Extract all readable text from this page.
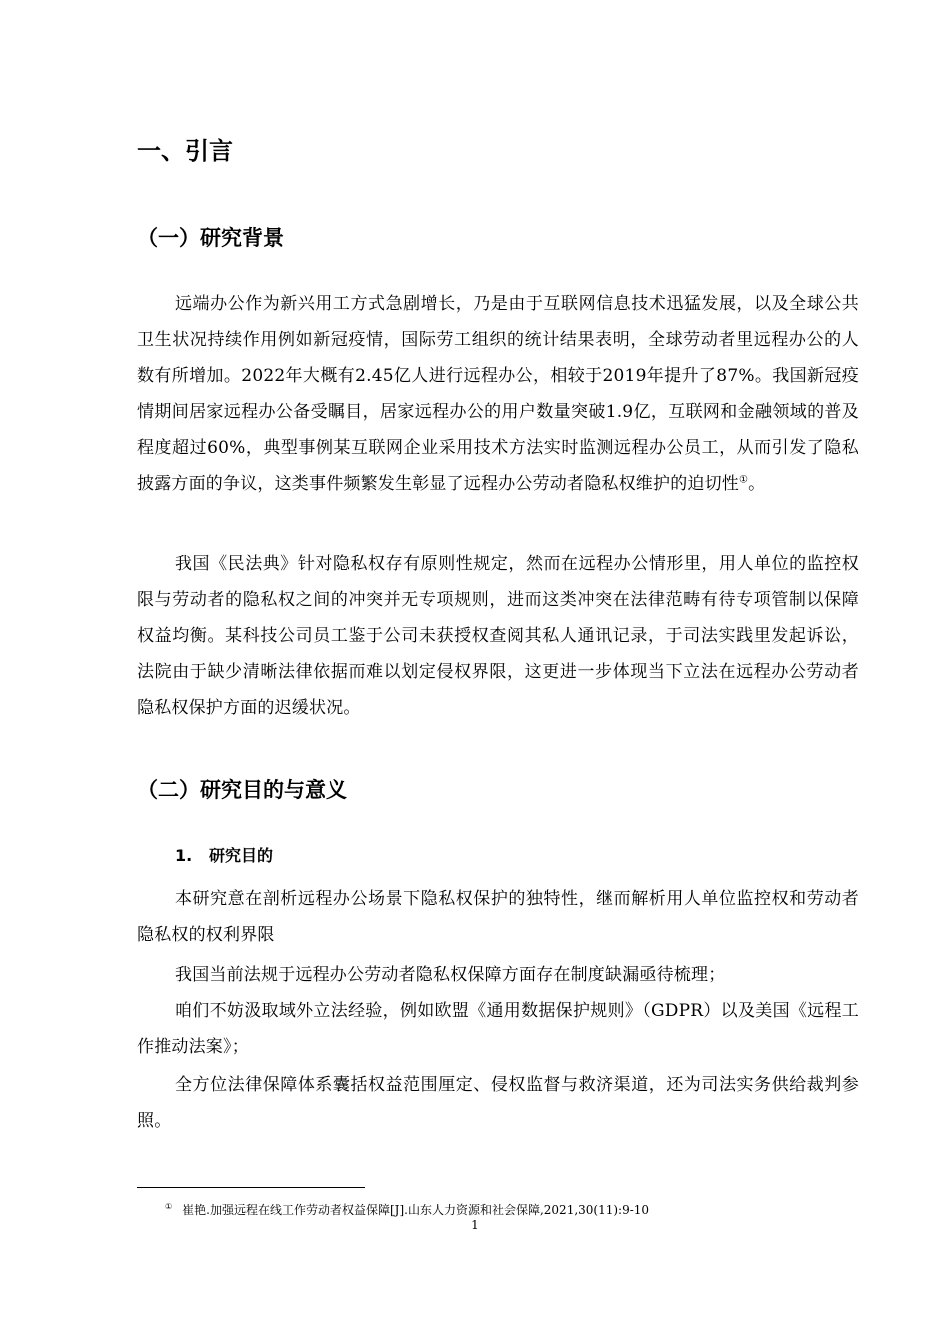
一、引言
（一）研究背景

远端办公作为新兴用工方式急剧增长，乃是由于互联网信息技术迅猛发展，以及全球公共卫生状况持续作用例如新冠疫情，国际劳工组织的统计结果表明，全球劳动者里远程办公的人数有所增加。2022年大概有2.45亿人进行远程办公，相较于2019年提升了87%。我国新冠疫情期间居家远程办公备受瞩目，居家远程办公的用户数量突破1.9亿，互联网和金融领域的普及程度超过60%，典型事例某互联网企业采用技术方法实时监测远程办公员工，从而引发了隐私披露方面的争议，这类事件频繁发生彰显了远程办公劳动者隐私权维护的迫切性①。

我国《民法典》针对隐私权存有原则性规定，然而在远程办公情形里，用人单位的监控权限与劳动者的隐私权之间的冲突并无专项规则，进而这类冲突在法律范畴有待专项管制以保障权益均衡。某科技公司员工鉴于公司未获授权查阅其私人通讯记录，于司法实践里发起诉讼，法院由于缺少清晰法律依据而难以划定侵权界限，这更进一步体现当下立法在远程办公劳动者隐私权保护方面的迟缓状况。

（二）研究目的与意义
1. 研究目的

本研究意在剖析远程办公场景下隐私权保护的独特性，继而解析用人单位监控权和劳动者隐私权的权利界限

我国当前法规于远程办公劳动者隐私权保障方面存在制度缺漏亟待梳理；

咱们不妨汲取域外立法经验，例如欧盟《通用数据保护规则》（GDPR）以及美国《远程工作推动法案》；

全方位法律保障体系囊括权益范围厘定、侵权监督与救济渠道，还为司法实务供给裁判参照。

① 崔艳.加强远程在线工作劳动者权益保障[J].山东人力资源和社会保障,2021,30(11):9-10
1
